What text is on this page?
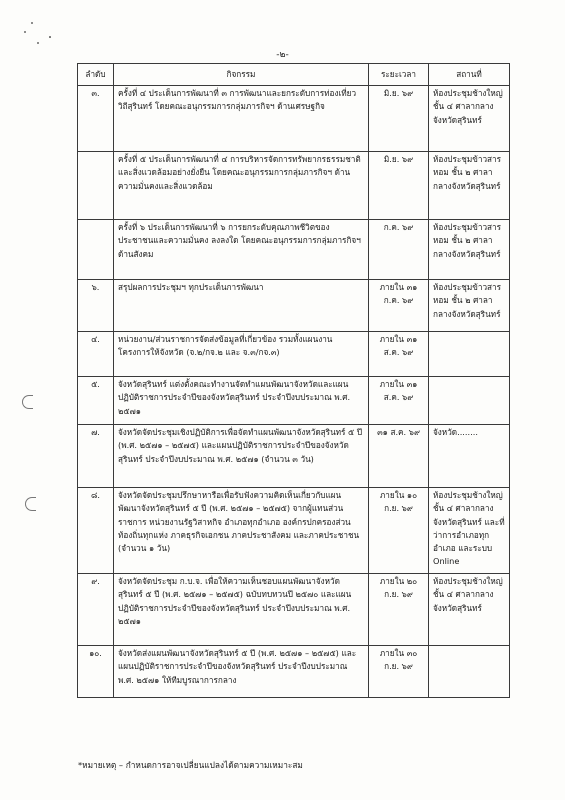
-๒-
ลำดับ	กิจกรรม	ระยะเวลา	สถานที่
๓.	ครั้งที่ ๔ ประเด็นการพัฒนาที่ ๓ การพัฒนาและยกระดับการท่องเที่ยววิถีสุรินทร์ โดยคณะอนุกรรมการกลุ่มภารกิจฯ ด้านเศรษฐกิจ	มิ.ย. ๖๙	ห้องประชุมช้างใหญ่ ชั้น ๔ ศาลากลางจังหวัดสุรินทร์
	ครั้งที่ ๕ ประเด็นการพัฒนาที่ ๔ การบริหารจัดการทรัพยากรธรรมชาติและสิ่งแวดล้อมอย่างยั่งยืน โดยคณะอนุกรรมการกลุ่มภารกิจฯ ด้านความมั่นคงและสิ่งแวดล้อม	มิ.ย. ๖๙	ห้องประชุมข้าวสารหอม ชั้น ๒ ศาลากลางจังหวัดสุรินทร์
	ครั้งที่ ๖ ประเด็นการพัฒนาที่ ๖ การยกระดับคุณภาพชีวิตของประชาชนและความมั่นคง ลงลงใด โดยคณะอนุกรรมการกลุ่มภารกิจฯ ด้านสังคม	ก.ค. ๖๙	ห้องประชุมข้าวสารหอม ชั้น ๒ ศาลากลางจังหวัดสุรินทร์
๖.	สรุปผลการประชุมฯ ทุกประเด็นการพัฒนา	ภายใน ๓๑ ก.ค. ๖๙	ห้องประชุมข้าวสารหอม ชั้น ๒ ศาลากลางจังหวัดสุรินทร์
๔.	หน่วยงาน/ส่วนราชการจัดส่งข้อมูลที่เกี่ยวข้อง รวมทั้งแผนงานโครงการให้จังหวัด (จ.๒/กจ.๒ และ จ.๓/กจ.๓)	ภายใน ๓๑ ส.ค. ๖๙	
๕.	จังหวัดสุรินทร์ แต่งตั้งคณะทำงานจัดทำแผนพัฒนาจังหวัดและแผนปฏิบัติราชการประจำปีของจังหวัดสุรินทร์ ประจำปีงบประมาณ พ.ศ. ๒๕๗๑	ภายใน ๓๑ ส.ค. ๖๙	
๗.	จังหวัดจัดประชุมเชิงปฏิบัติการเพื่อจัดทำแผนพัฒนาจังหวัดสุรินทร์ ๕ ปี (พ.ศ. ๒๕๗๑ – ๒๕๗๕) และแผนปฏิบัติราชการประจำปีของจังหวัดสุรินทร์ ประจำปีงบประมาณ พ.ศ. ๒๕๗๑ (จำนวน ๓ วัน)	๓๑ ส.ค. ๖๙	จังหวัด........
๘.	จังหวัดจัดประชุมปรึกษาหารือเพื่อรับฟังความคิดเห็นเกี่ยวกับแผนพัฒนาจังหวัดสุรินทร์ ๕ ปี (พ.ศ. ๒๕๗๑ – ๒๕๗๕) จากผู้แทนส่วนราชการ หน่วยงานรัฐวิสาหกิจ อำเภอทุกอำเภอ องค์กรปกครองส่วนท้องถิ่นทุกแห่ง ภาคธุรกิจเอกชน ภาคประชาสังคม และภาคประชาชน (จำนวน ๑ วัน)	ภายใน ๑๐ ก.ย. ๖๙	ห้องประชุมช้างใหญ่ ชั้น ๔ ศาลากลางจังหวัดสุรินทร์ และที่ว่าการอำเภอทุกอำเภอ และระบบ Online
๙.	จังหวัดจัดประชุม ก.บ.จ. เพื่อให้ความเห็นชอบแผนพัฒนาจังหวัดสุรินทร์ ๕ ปี (พ.ศ. ๒๕๗๑ – ๒๕๗๕) ฉบับทบทวนปี ๒๕๗๐ และแผนปฏิบัติราชการประจำปีของจังหวัดสุรินทร์ ประจำปีงบประมาณ พ.ศ. ๒๕๗๑	ภายใน ๒๐ ก.ย. ๖๙	ห้องประชุมช้างใหญ่ ชั้น ๔ ศาลากลางจังหวัดสุรินทร์
๑๐.	จังหวัดส่งแผนพัฒนาจังหวัดสุรินทร์ ๕ ปี (พ.ศ. ๒๕๗๑ – ๒๕๗๕) และแผนปฏิบัติราชการประจำปีของจังหวัดสุรินทร์ ประจำปีงบประมาณ พ.ศ. ๒๕๗๑ ให้ทีมบูรณาการกลาง	ภายใน ๓๐ ก.ย. ๖๙	
*หมายเหตุ – กำหนดการอาจเปลี่ยนแปลงได้ตามความเหมาะสม
